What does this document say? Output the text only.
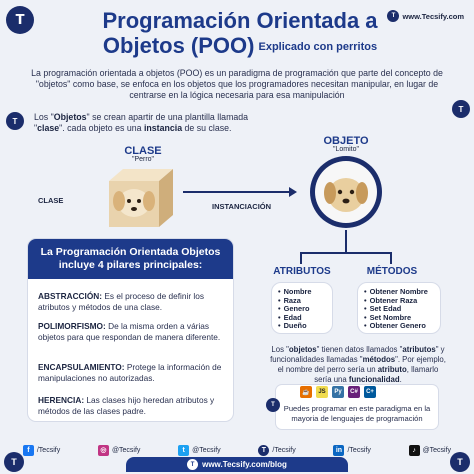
T	Programación Orientada a Objetos (POO) Explicado con perritos
T www.Tecsify.com
La programación orientada a objetos (POO) es un paradigma de programación que parte del concepto de "objetos" como base, se enfoca en los objetos que los programadores necesitan manipular, en lugar de centrarse en la lógica necesaria para esa manipulación
T	Los "Objetos" se crean apartir de una plantilla llamada "clase". cada objeto es una instancia de su clase.
CLASE
"Perro"
CLASE
INSTANCIACIÓN
OBJETO
"Lomito"
La Programación Orientada Objetos incluye 4 pilares principales:
ABSTRACCIÓN: Es el proceso de definir los atributos y métodos de una clase.
POLIMORFISMO: De la misma orden a várias objetos para que respondan de manera diferente.
ENCAPSULAMIENTO: Protege la información de manipulaciones no autorizadas.
HERENCIA: Las clases hijo heredan atributos y métodos de las clases padre.
ATRIBUTOS	MÉTODOS
• Nombre
• Raza
• Genero
• Edad
• Dueño
• Obtener Nombre
• Obtener Raza
• Set Edad
• Set Nombre
• Obtener Genero
Los "objetos" tienen datos llamados "atributos" y funcionalidades llamadas "métodos". Por ejemplo, el nombre del perro sería un atributo, llamarlo sería una funcionalidad.
☕	JS	Py	C#	C+
T	Puedes programar en este paradigma en la mayoria de lenguajes de programación
f	/Tecsify	◎ @Tecsify	t	@Tecsify	T /Tecsify	in /Tecsify	♪ @Tecsify
T www.Tecsify.com/blog
T	T
T
